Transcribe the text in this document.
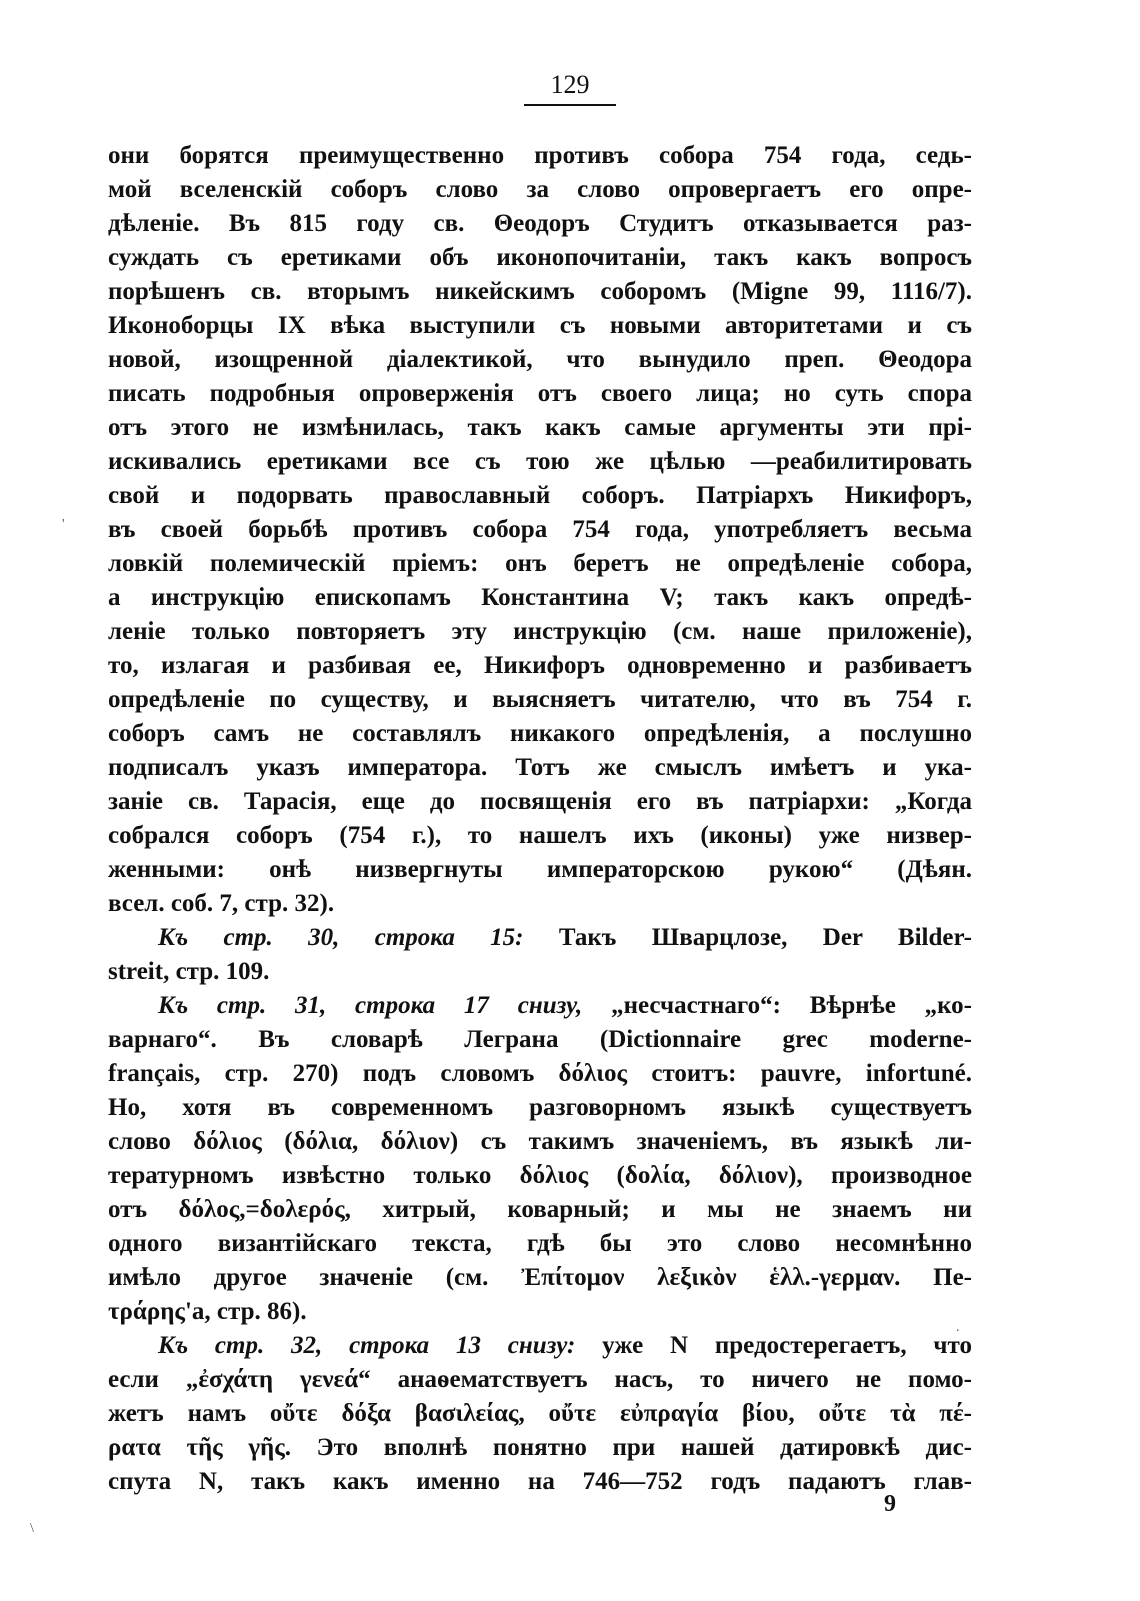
129
они борятся преимущественно противъ собора 754 года, седь-
мой вселенскій соборъ слово за слово опровергаетъ его опре-
дѣленіе. Въ 815 году св. Θеодоръ Студитъ отказывается раз-
суждать съ еретиками объ иконопочитаніи, такъ какъ вопросъ
порѣшенъ св. вторымъ никейскимъ соборомъ (Migne 99, 1116/7).
Иконоборцы IX вѣка выступили съ новыми авторитетами и съ
новой, изощренной діалектикой, что вынудило преп. Θеодора
писать подробныя опроверженія отъ своего лица; но суть спора
отъ этого не измѣнилась, такъ какъ самые аргументы эти прі-
искивались еретиками все съ тою же цѣлью —реабилитировать
свой и подорвать православный соборъ. Патріархъ Никифоръ,
въ своей борьбѣ противъ собора 754 года, употребляетъ весьма
ловкій полемическій пріемъ: онъ беретъ не опредѣленіе собора,
а инструкцію епископамъ Константина V; такъ какъ опредѣ-
леніе только повторяетъ эту инструкцію (см. наше приложеніе),
то, излагая и разбивая ее, Никифоръ одновременно и разбиваетъ
опредѣленіе по существу, и выясняетъ читателю, что въ 754 г.
соборъ самъ не составлялъ никакого опредѣленія, а послушно
подписалъ указъ императора. Тотъ же смыслъ имѣетъ и ука-
заніе св. Тарасія, еще до посвященія его въ патріархи: „Когда
собрался соборъ (754 г.), то нашелъ ихъ (иконы) уже низвер-
женными: онѣ низвергнуты императорскою рукою“ (Дѣян.
всел. соб. 7, стр. 32).
Къ стр. 30, строка 15: Такъ Шварцлозе, Der Bilder-
streit, стр. 109.
Къ стр. 31, строка 17 снизу, „несчастнаго“: Вѣрнѣе „ко-
варнаго“. Въ словарѣ Леграна (Dictionnaire grec moderne-
français, стр. 270) подъ словомъ δόλιος стоитъ: pauvre, infortuné.
Но, хотя въ современномъ разговорномъ языкѣ существуетъ
слово δόλιος (δόλια, δόλιον) съ такимъ значеніемъ, въ языкѣ ли-
тературномъ извѣстно только δόλιος (δολία, δόλιον), производное
отъ δόλος,=δολερός, хитрый, коварный; и мы не знаемъ ни
одного византійскаго текста, гдѣ бы это слово несомнѣнно
имѣло другое значеніе (см. Ἐπίτομον λεξικὸν ἑλλ.-γερμαν. Пе-
τράρης'а, стр. 86).
Къ стр. 32, строка 13 снизу: уже N предостерегаетъ, что
если „ἐσχάτη γενεά“ анаѳематствуетъ насъ, то ничего не помо-
жетъ намъ οὔτε δόξα βασιλείας, οὔτε εὐπραγία βίου, οὔτε τὰ πέ-
ρατα τῆς γῆς. Это вполнѣ понятно при нашей датировкѣ дис-
спута N, такъ какъ именно на 746—752 годъ падаютъ глав-
9
'
\
.
